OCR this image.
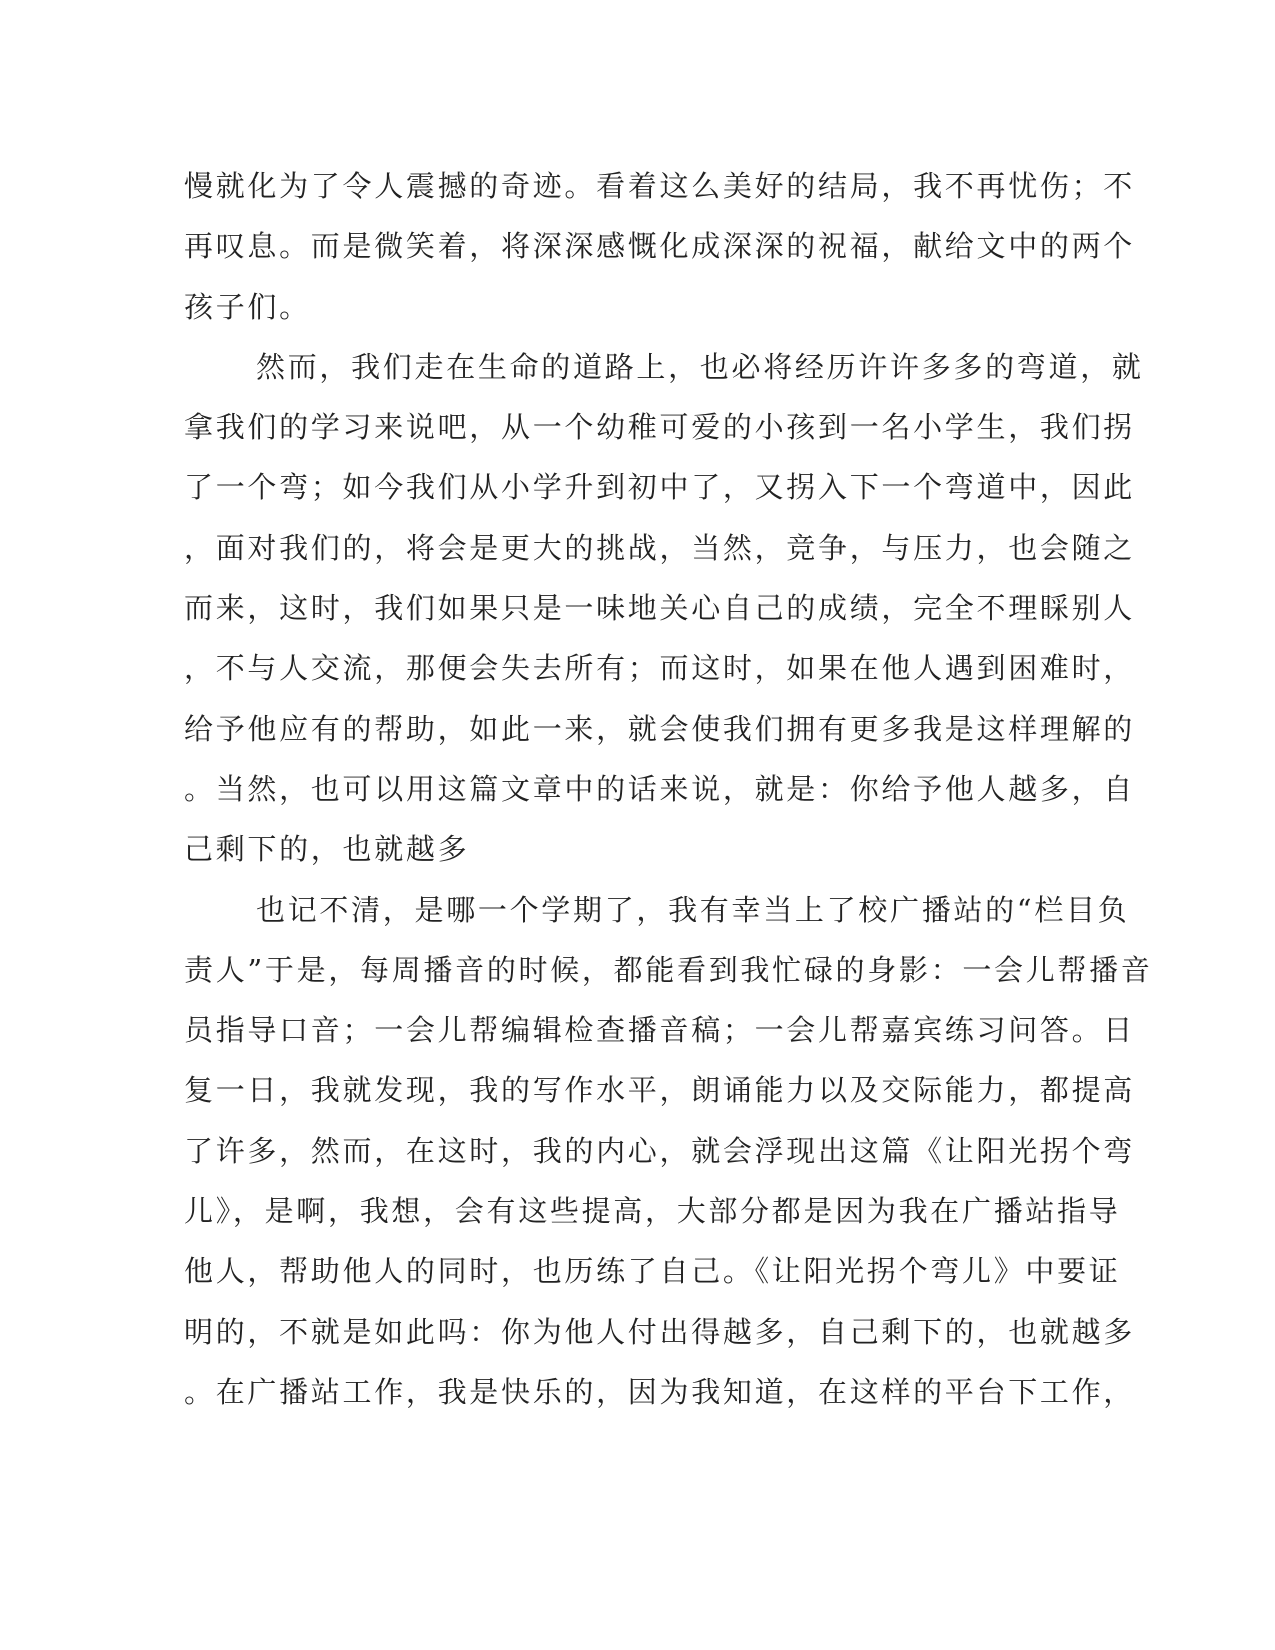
慢就化为了令人震撼的奇迹。看着这么美好的结局，我不再忧伤；不
再叹息。而是微笑着，将深深感慨化成深深的祝福，献给文中的两个
孩子们。
然而，我们走在生命的道路上，也必将经历许许多多的弯道，就
拿我们的学习来说吧，从一个幼稚可爱的小孩到一名小学生，我们拐
了一个弯；如今我们从小学升到初中了，又拐入下一个弯道中，因此
，面对我们的，将会是更大的挑战，当然，竞争，与压力，也会随之
而来，这时，我们如果只是一味地关心自己的成绩，完全不理睬别人
，不与人交流，那便会失去所有；而这时，如果在他人遇到困难时，
给予他应有的帮助，如此一来，就会使我们拥有更多我是这样理解的
。当然，也可以用这篇文章中的话来说，就是：你给予他人越多，自
己剩下的，也就越多
也记不清，是哪一个学期了，我有幸当上了校广播站的“栏目负
责人”于是，每周播音的时候，都能看到我忙碌的身影：一会儿帮播音
员指导口音；一会儿帮编辑检查播音稿；一会儿帮嘉宾练习问答。日
复一日，我就发现，我的写作水平，朗诵能力以及交际能力，都提高
了许多，然而，在这时，我的内心，就会浮现出这篇《让阳光拐个弯
儿》，是啊，我想，会有这些提高，大部分都是因为我在广播站指导
他人，帮助他人的同时，也历练了自己。《让阳光拐个弯儿》中要证
明的，不就是如此吗：你为他人付出得越多，自己剩下的，也就越多
。在广播站工作，我是快乐的，因为我知道，在这样的平台下工作，
